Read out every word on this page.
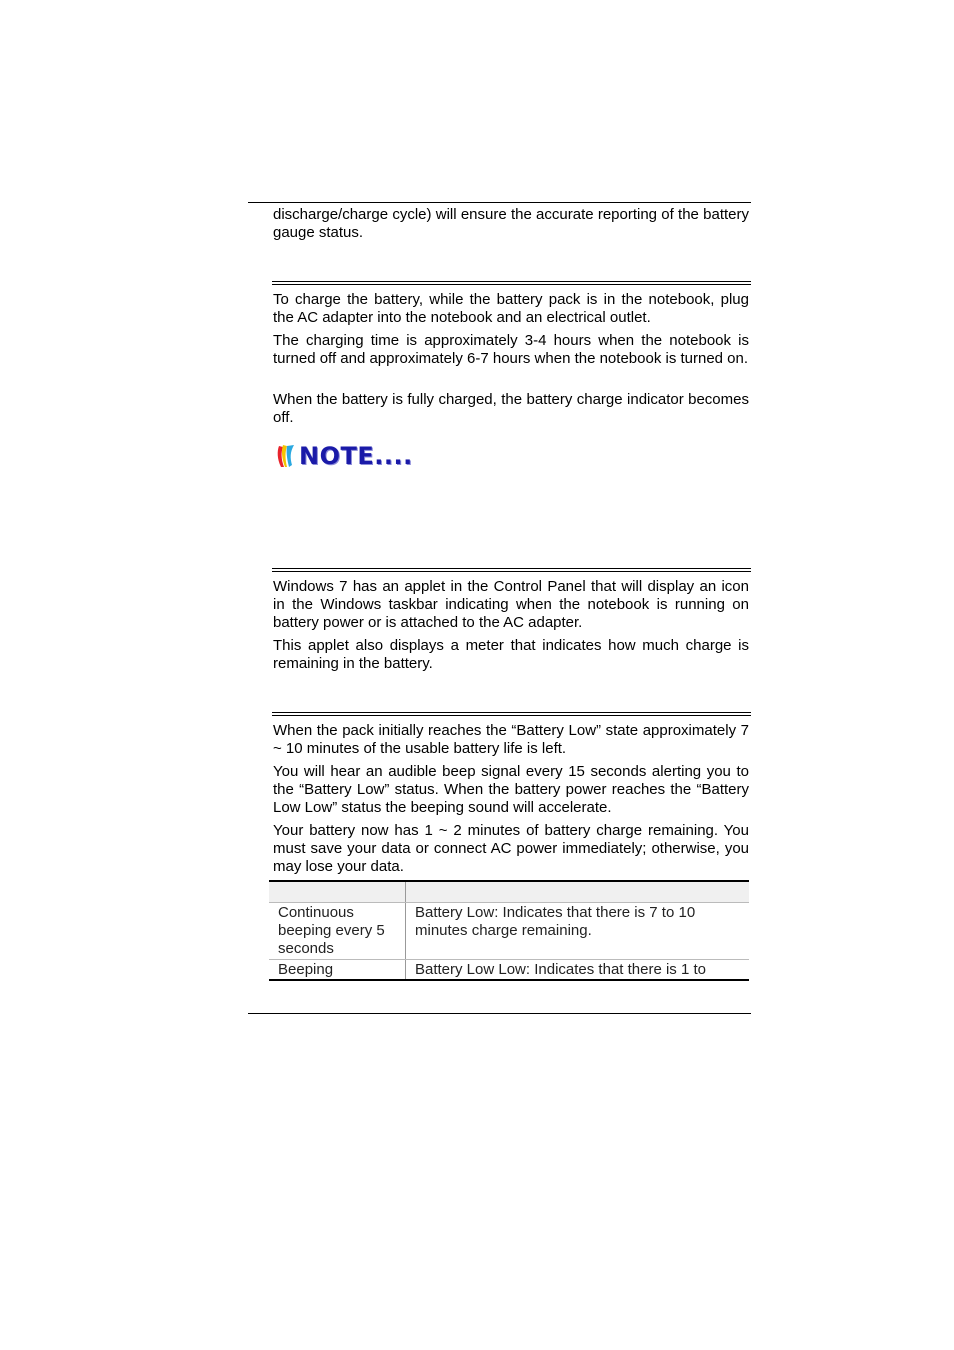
discharge/charge cycle) will ensure the accurate reporting of the battery gauge status.

To charge the battery, while the battery pack is in the notebook, plug the AC adapter into the notebook and an electrical outlet.

The charging time is approximately 3-4 hours when the notebook is turned off and approximately 6-7 hours when the notebook is turned on.

When the battery is fully charged, the battery charge indicator becomes off.

NOTE....

Windows 7 has an applet in the Control Panel that will display an icon in the Windows taskbar indicating when the notebook is running on battery power or is attached to the AC adapter.

This applet also displays a meter that indicates how much charge is remaining in the battery.

When the pack initially reaches the “Battery Low” state approximately 7 ~ 10 minutes of the usable battery life is left.

You will hear an audible beep signal every 15 seconds alerting you to the “Battery Low” status. When the battery power reaches the “Battery Low Low” status the beeping sound will accelerate.

Your battery now has 1 ~ 2 minutes of battery charge remaining. You must save your data or connect AC power immediately; otherwise, you may lose your data.

Continuous beeping every 5 seconds	Battery Low: Indicates that there is 7 to 10 minutes charge remaining.
Beeping	Battery Low Low: Indicates that there is 1 to
